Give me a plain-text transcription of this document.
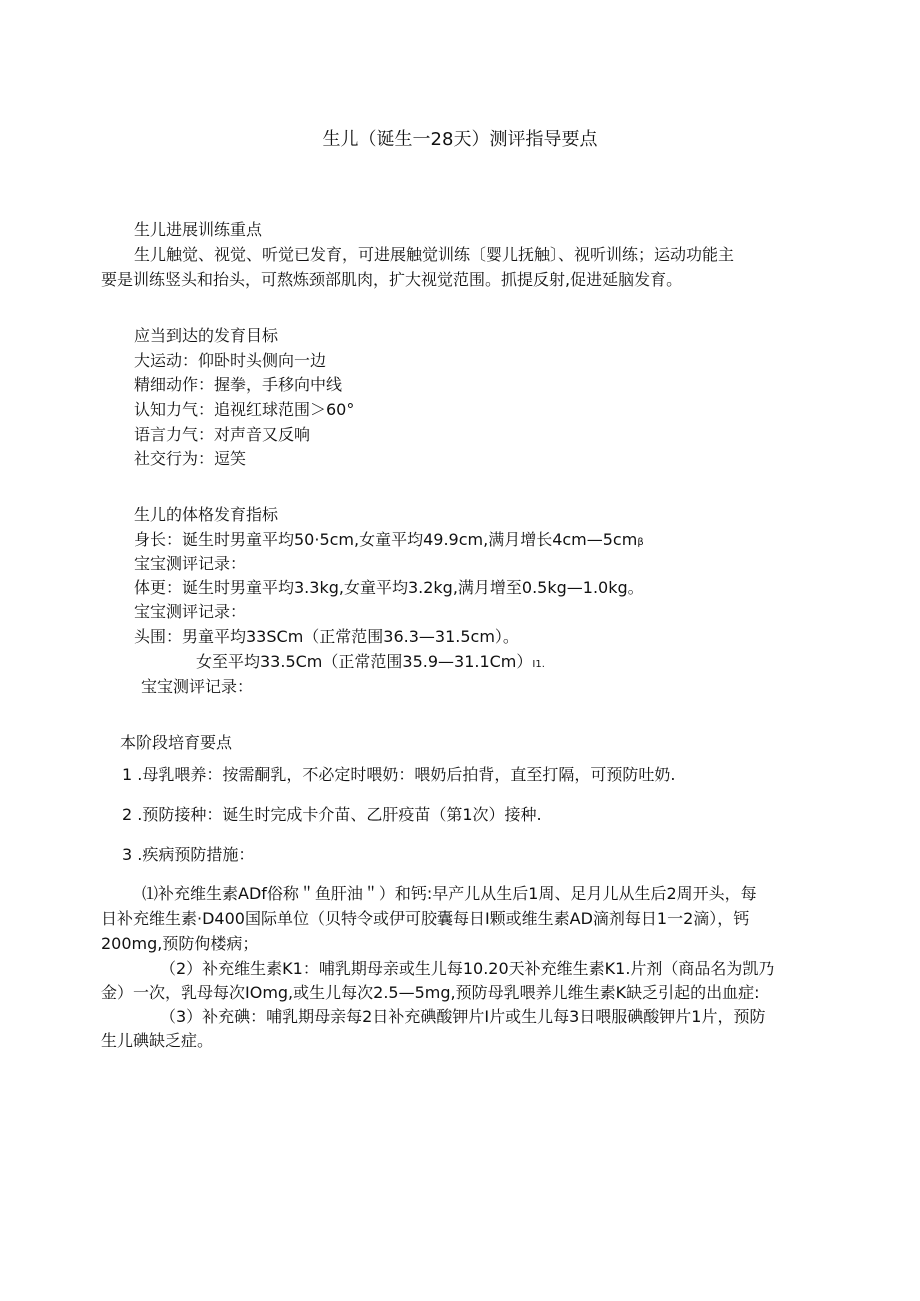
生儿（诞生一28天）测评指导要点
生儿进展训练重点
生儿触觉、视觉、听觉已发育，可进展触觉训练〔婴儿抚触〕、视听训练；运动功能主
要是训练竖头和抬头，可熬炼颈部肌肉，扩大视觉范围。抓提反射,促进延脑发育。
应当到达的发育目标
大运动：仰卧时头侧向一边
精细动作：握拳，手移向中线
认知力气：追视红球范围＞60°
语言力气：对声音又反响
社交行为：逗笑
生儿的体格发育指标
身长：诞生时男童平均50·5cm,女童平均49.9cm,满月增长4cm—5cmβ
宝宝测评记录：
体更：诞生时男童平均3.3kg,女童平均3.2kg,满月增至0.5kg—1.0kg。
宝宝测评记录：
头围：男童平均33SCm（正常范围36.3—31.5cm）。
女至平均33.5Cm（正常范围35.9—31.1Cm）I1.
宝宝测评记录：
本阶段培育要点
1 .母乳喂养：按需酮乳，不必定时喂奶：喂奶后拍背，直至打隔，可预防吐奶.
2 .预防接种：诞生时完成卡介苗、乙肝疫苗（第1次）接种.
3 .疾病预防措施：
⑴补充维生素ADf俗称＂鱼肝油＂）和钙:早产儿从生后1周、足月儿从生后2周开头，每
日补充维生素·D400国际单位（贝特令或伊可胶囊每日I颗或维生素AD滴剂每日1一2滴），钙
200mg,预防佝楼病；
（2）补充维生素K1：哺乳期母亲或生儿每10.20天补充维生素K1.片剂（商品名为凯乃
金）一次，乳母每次IOmg,或生儿每次2.5—5mg,预防母乳喂养儿维生素K缺乏引起的出血症:
（3）补充碘：哺乳期母亲每2日补充碘酸钾片I片或生儿每3日喂服碘酸钾片1片，预防
生儿碘缺乏症。
